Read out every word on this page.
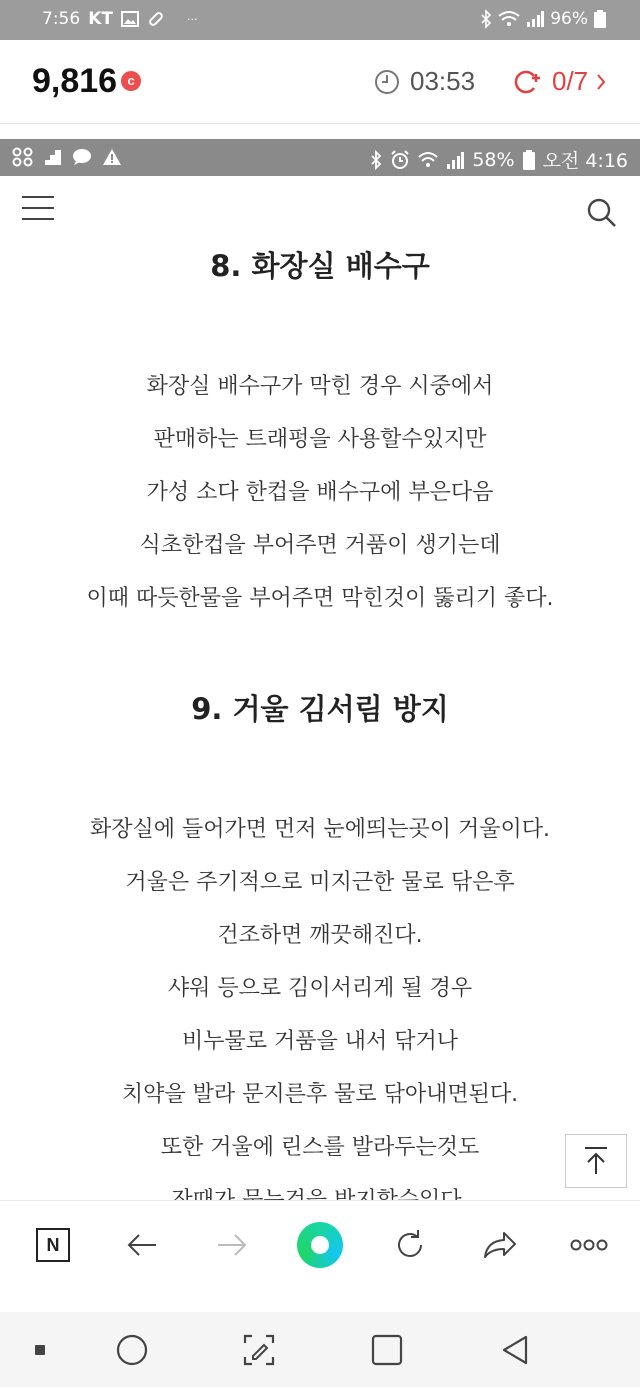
7:56 KT	···	96%
9,816 c	03:53	0/7
58% 오전 4:16
8. 화장실 배수구
화장실 배수구가 막힌 경우 시중에서
판매하는 트래펑을 사용할수있지만
가성 소다 한컵을 배수구에 부은다음
식초한컵을 부어주면 거품이 생기는데
이때 따듯한물을 부어주면 막힌것이 뚫리기 좋다.
9. 거울 김서림 방지
화장실에 들어가면 먼저 눈에띄는곳이 거울이다.
거울은 주기적으로 미지근한 물로 닦은후
건조하면 깨끗해진다.
샤워 등으로 김이서리게 될 경우
비누물로 거품을 내서 닦거나
치약을 발라 문지른후 물로 닦아내면된다.
또한 거울에 린스를 발라두는것도
N
